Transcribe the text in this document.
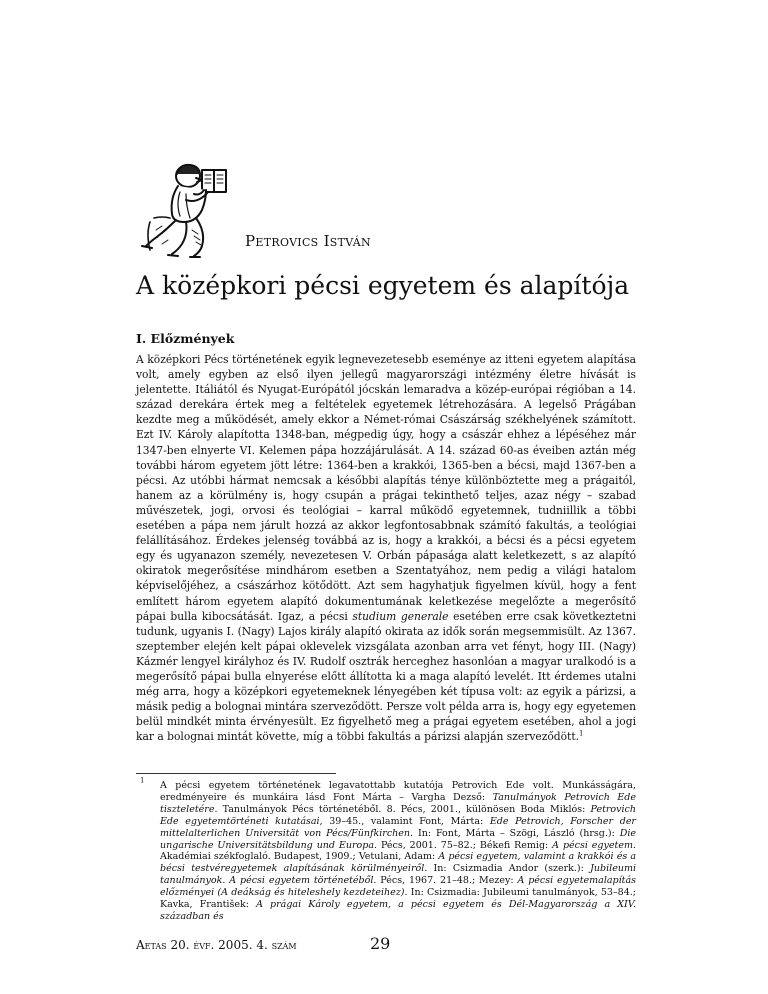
Petrovics István
A középkori pécsi egyetem és alapítója
I. Előzmények

A középkori Pécs történetének egyik legnevezetesebb eseménye az itteni egyetem alapítása volt, amely egyben az első ilyen jellegű magyarországi intézmény életre hívását is jelentette. Itáliától és Nyugat-Európától jócskán lemaradva a közép-európai régióban a 14. század derekára értek meg a feltételek egyetemek létrehozására. A legelső Prágában kezdte meg a működését, amely ekkor a Német-római Császárság székhelyének számított. Ezt IV. Károly alapította 1348-ban, mégpedig úgy, hogy a császár ehhez a lépéséhez már 1347-ben elnyerte VI. Kelemen pápa hozzájárulását. A 14. század 60-as éveiben aztán még további három egyetem jött létre: 1364-ben a krakkói, 1365-ben a bécsi, majd 1367-ben a pécsi. Az utóbbi hármat nemcsak a későbbi alapítás ténye különböztette meg a prágaitól, hanem az a körülmény is, hogy csupán a prágai tekinthető teljes, azaz négy – szabad művészetek, jogi, orvosi és teológiai – karral működő egyetemnek, tudniillik a többi esetében a pápa nem járult hozzá az akkor legfontosabbnak számító fakultás, a teológiai felállításához. Érdekes jelenség továbbá az is, hogy a krakkói, a bécsi és a pécsi egyetem egy és ugyanazon személy, nevezetesen V. Orbán pápasága alatt keletkezett, s az alapító okiratok megerősítése mindhárom esetben a Szentatyához, nem pedig a világi hatalom képviselőjéhez, a császárhoz kötődött. Azt sem hagyhatjuk figyelmen kívül, hogy a fent említett három egyetem alapító dokumentumának keletkezése megelőzte a megerősítő pápai bulla kibocsátását. Igaz, a pécsi studium generale esetében erre csak következtetni tudunk, ugyanis I. (Nagy) Lajos király alapító okirata az idők során megsemmisült. Az 1367. szeptember elején kelt pápai oklevelek vizsgálata azonban arra vet fényt, hogy III. (Nagy) Kázmér lengyel királyhoz és IV. Rudolf osztrák herceghez hasonlóan a magyar uralkodó is a megerősítő pápai bulla elnyerése előtt állította ki a maga alapító levelét. Itt érdemes utalni még arra, hogy a középkori egyetemeknek lényegében két típusa volt: az egyik a párizsi, a másik pedig a bolognai mintára szerveződött. Persze volt példa arra is, hogy egy egyetemen belül mindkét minta érvényesült. Ez figyelhető meg a prágai egyetem esetében, ahol a jogi kar a bolognai mintát követte, míg a többi fakultás a párizsi alapján szerveződött.$^1$

$^1$ A pécsi egyetem történetének legavatottabb kutatója Petrovich Ede volt. Munkásságára, eredményeire és munkáira lásd Font Márta – Vargha Dezső: Tanulmányok Petrovich Ede tiszteletére. Tanulmányok Pécs történetéből. 8. Pécs, 2001., különösen Boda Miklós: Petrovich Ede egyetemtörténeti kutatásai, 39–45., valamint Font, Márta: Ede Petrovich, Forscher der mittelalterlichen Universität von Pécs/Fünfkirchen. In: Font, Márta – Szögi, László (hrsg.): Die ungarische Universitätsbildung und Europa. Pécs, 2001. 75–82.; Békefi Remig: A pécsi egyetem. Akadémiai székfoglaló. Budapest, 1909.; Vetulani, Adam: A pécsi egyetem, valamint a krakkói és a bécsi testvéregyetemek alapításának körülményeiről. In: Csizmadia Andor (szerk.): Jubileumi tanulmányok. A pécsi egyetem történetéből. Pécs, 1967. 21–48.; Mezey: A pécsi egyetemalapítás előzményei (A deákság és hiteleshely kezdeteihez). In: Csizmadia: Jubileumi tanulmányok, 53–84.; Kavka, František: A prágai Károly egyetem, a pécsi egyetem és Dél-Magyarország a XIV. században és

Aetas 20. évf. 2005. 4. szám	29
